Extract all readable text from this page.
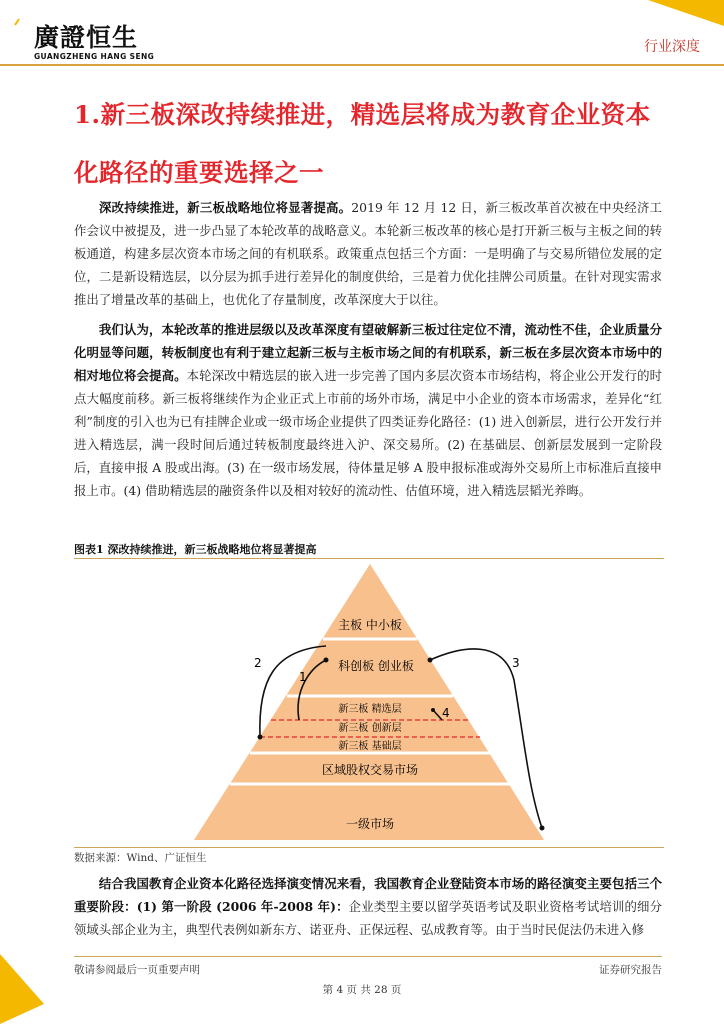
廣證恒生
GUANGZHENG HANG SENG
行业深度
1.新三板深改持续推进，精选层将成为教育企业资本化路径的重要选择之一

  深改持续推进，新三板战略地位将显著提高。2019 年 12 月 12 日，新三板改革首次被在中央经济工作会议中被提及，进一步凸显了本轮改革的战略意义。本轮新三板改革的核心是打开新三板与主板之间的转板通道，构建多层次资本市场之间的有机联系。政策重点包括三个方面：一是明确了与交易所错位发展的定位，二是新设精选层，以分层为抓手进行差异化的制度供给，三是着力优化挂牌公司质量。在针对现实需求推出了增量改革的基础上，也优化了存量制度，改革深度大于以往。

  我们认为，本轮改革的推进层级以及改革深度有望破解新三板过往定位不清，流动性不佳，企业质量分化明显等问题，转板制度也有利于建立起新三板与主板市场之间的有机联系，新三板在多层次资本市场中的相对地位将会提高。本轮深改中精选层的嵌入进一步完善了国内多层次资本市场结构，将企业公开发行的时点大幅度前移。新三板将继续作为企业正式上市前的场外市场，满足中小企业的资本市场需求，差异化“红利”制度的引入也为已有挂牌企业或一级市场企业提供了四类证券化路径：(1) 进入创新层，进行公开发行并进入精选层，满一段时间后通过转板制度最终进入沪、深交易所。(2) 在基础层、创新层发展到一定阶段后，直接申报 A 股或出海。(3) 在一级市场发展，待体量足够 A 股申报标准或海外交易所上市标准后直接申报上市。(4) 借助精选层的融资条件以及相对较好的流动性、估值环境，进入精选层韬光养晦。

图表1 深改持续推进，新三板战略地位将显著提高
主板 中小板
科创板 创业板
新三板 精选层
新三板 创新层
新三板 基础层
区域股权交易市场
一级市场
1
2	3
4
数据来源：Wind、广证恒生

  结合我国教育企业资本化路径选择演变情况来看，我国教育企业登陆资本市场的路径演变主要包括三个重要阶段：(1) 第一阶段 (2006 年-2008 年)：企业类型主要以留学英语考试及职业资格考试培训的细分领域头部企业为主，典型代表例如新东方、诺亚舟、正保远程、弘成教育等。由于当时民促法仍未进入修

敬请参阅最后一页重要声明	证券研究报告
第 4 页 共 28 页
